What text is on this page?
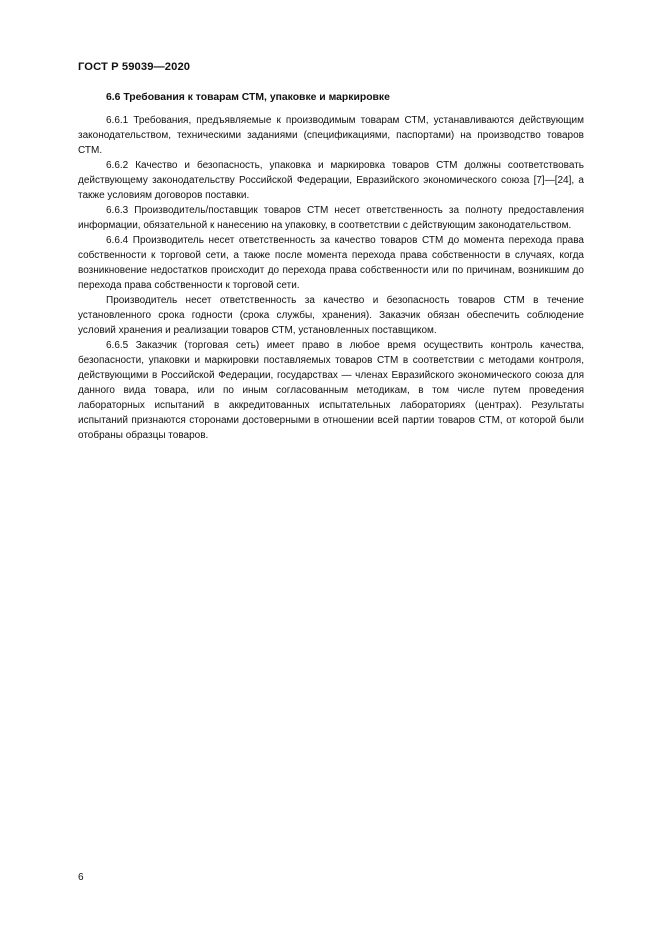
ГОСТ Р 59039—2020
6.6 Требования к товарам СТМ, упаковке и маркировке

6.6.1 Требования, предъявляемые к производимым товарам СТМ, устанавливаются действующим законодательством, техническими заданиями (спецификациями, паспортами) на производство товаров СТМ.

6.6.2 Качество и безопасность, упаковка и маркировка товаров СТМ должны соответствовать действующему законодательству Российской Федерации, Евразийского экономического союза [7]—[24], а также условиям договоров поставки.

6.6.3 Производитель/поставщик товаров СТМ несет ответственность за полноту предоставления информации, обязательной к нанесению на упаковку, в соответствии с действующим законодательством.

6.6.4 Производитель несет ответственность за качество товаров СТМ до момента перехода права собственности к торговой сети, а также после момента перехода права собственности в случаях, когда возникновение недостатков происходит до перехода права собственности или по причинам, возникшим до перехода права собственности к торговой сети.

Производитель несет ответственность за качество и безопасность товаров СТМ в течение установленного срока годности (срока службы, хранения). Заказчик обязан обеспечить соблюдение условий хранения и реализации товаров СТМ, установленных поставщиком.

6.6.5 Заказчик (торговая сеть) имеет право в любое время осуществить контроль качества, безопасности, упаковки и маркировки поставляемых товаров СТМ в соответствии с методами контроля, действующими в Российской Федерации, государствах — членах Евразийского экономического союза для данного вида товара, или по иным согласованным методикам, в том числе путем проведения лабораторных испытаний в аккредитованных испытательных лабораториях (центрах). Результаты испытаний признаются сторонами достоверными в отношении всей партии товаров СТМ, от которой были отобраны образцы товаров.

6
